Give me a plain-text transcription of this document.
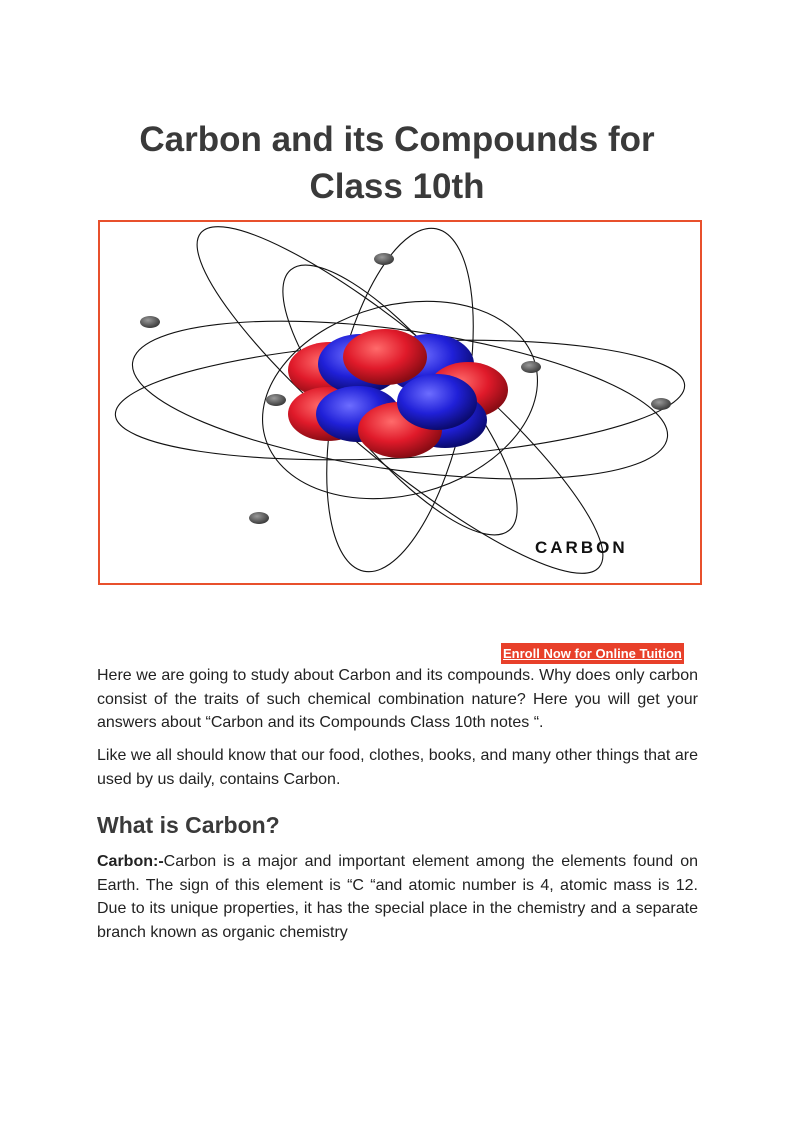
Carbon and its Compounds for Class 10th
CARBON
Enroll Now for Online Tuition

Here we are going to study about Carbon and its compounds. Why does only carbon consist of the traits of such chemical combination nature? Here you will get your answers about “Carbon and its Compounds Class 10th notes “.

Like we all should know that our food, clothes, books, and many other things that are used by us daily, contains Carbon.

What is Carbon?

Carbon:-Carbon is a major and important element among the elements found on Earth. The sign of this element is “C “and atomic number is 4, atomic mass is 12. Due to its unique properties, it has the special place in the chemistry and a separate branch known as organic chemistry
